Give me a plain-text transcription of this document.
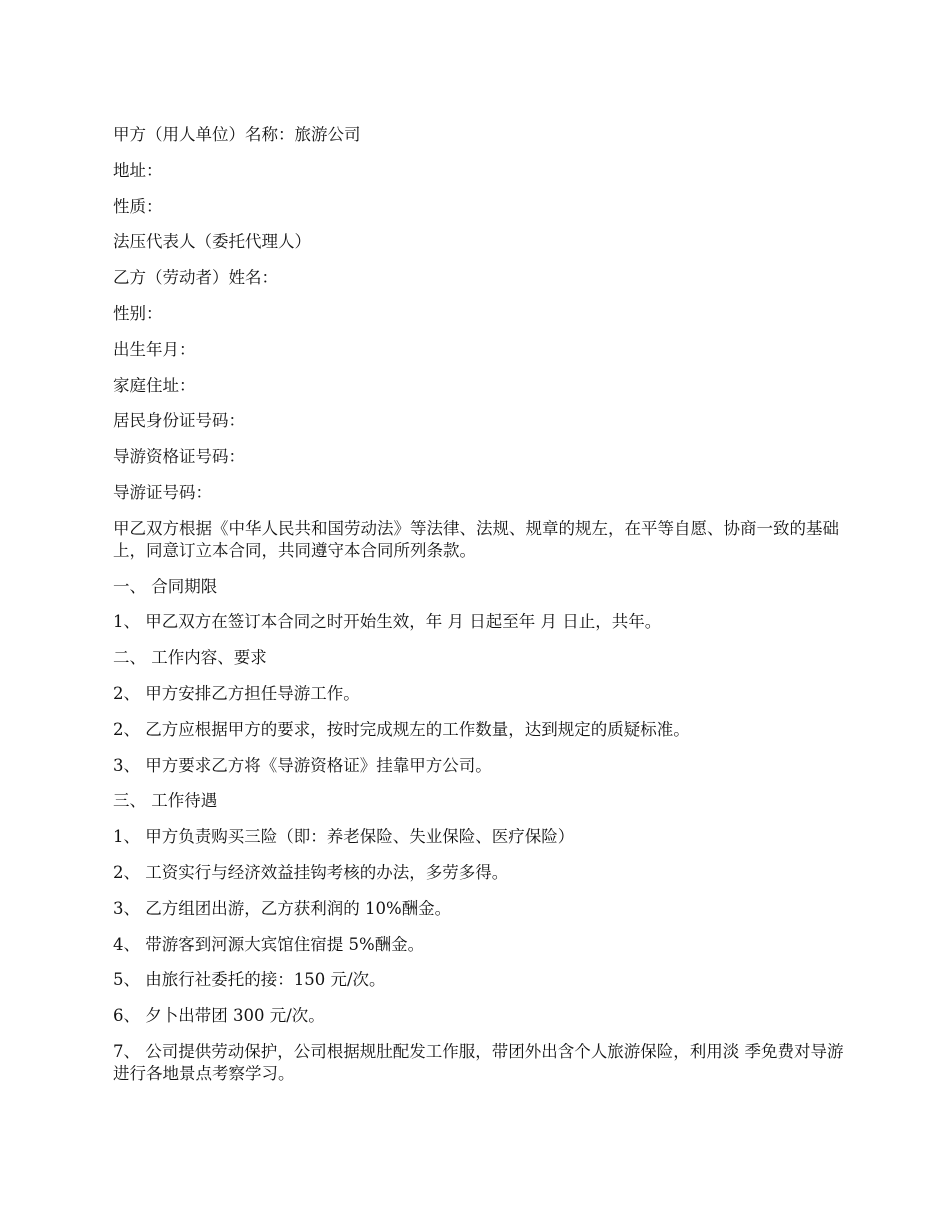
甲方（用人单位）名称：旅游公司

地址：

性质：

法压代表人（委托代理人）

乙方（劳动者）姓名：

性别：

出生年月：

家庭住址：

居民身份证号码：

导游资格证号码：

导游证号码：

甲乙双方根据《中华人民共和国劳动法》等法律、法规、规章的规左，在平等自愿、协商一致的基础上，同意订立本合同，共同遵守本合同所列条款。

一、 合同期限

1、 甲乙双方在签订本合同之时开始生效，年 月 日起至年 月 日止，共年。

二、 工作内容、要求

2、 甲方安排乙方担任导游工作。

2、 乙方应根据甲方的要求，按时完成规左的工作数量，达到规定的质疑标准。

3、 甲方要求乙方将《导游资格证》挂靠甲方公司。

三、 工作待遇

1、 甲方负责购买三险（即：养老保险、失业保险、医疗保险）

2、 工资实行与经济效益挂钩考核的办法，多劳多得。

3、 乙方组团出游，乙方获利润的 10%酬金。

4、 带游客到河源大宾馆住宿提 5%酬金。

5、 由旅行社委托的接：150 元/次。

6、 夕卜出带团 300 元/次。

7、 公司提供劳动保护，公司根据规肚配发工作服，带团外出含个人旅游保险，利用淡 季免费对导游进行各地景点考察学习。
